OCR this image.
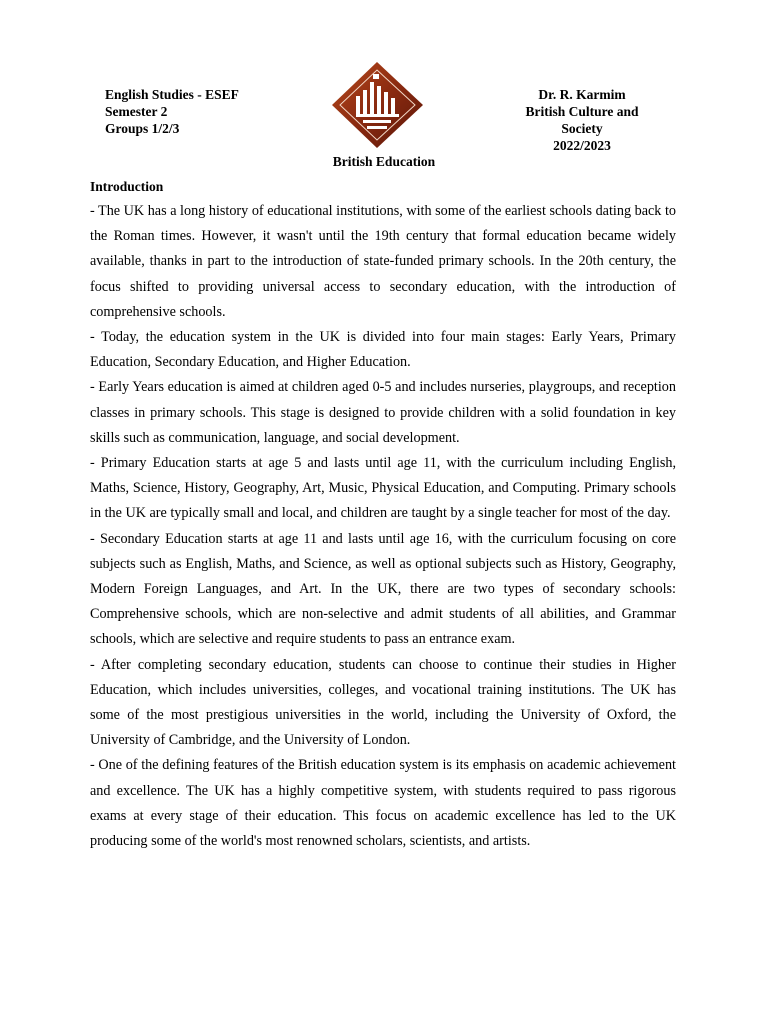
English Studies - ESEF
Semester 2
Groups 1/2/3
Dr. R. Karmim
British Culture and
Society
2022/2023
British Education
Introduction

- The UK has a long history of educational institutions, with some of the earliest schools dating back to the Roman times. However, it wasn't until the 19th century that formal education became widely available, thanks in part to the introduction of state-funded primary schools. In the 20th century, the focus shifted to providing universal access to secondary education, with the introduction of comprehensive schools.

- Today, the education system in the UK is divided into four main stages: Early Years, Primary Education, Secondary Education, and Higher Education.

- Early Years education is aimed at children aged 0-5 and includes nurseries, playgroups, and reception classes in primary schools. This stage is designed to provide children with a solid foundation in key skills such as communication, language, and social development.

- Primary Education starts at age 5 and lasts until age 11, with the curriculum including English, Maths, Science, History, Geography, Art, Music, Physical Education, and Computing. Primary schools in the UK are typically small and local, and children are taught by a single teacher for most of the day.

- Secondary Education starts at age 11 and lasts until age 16, with the curriculum focusing on core subjects such as English, Maths, and Science, as well as optional subjects such as History, Geography, Modern Foreign Languages, and Art. In the UK, there are two types of secondary schools: Comprehensive schools, which are non-selective and admit students of all abilities, and Grammar schools, which are selective and require students to pass an entrance exam.

- After completing secondary education, students can choose to continue their studies in Higher Education, which includes universities, colleges, and vocational training institutions. The UK has some of the most prestigious universities in the world, including the University of Oxford, the University of Cambridge, and the University of London.

- One of the defining features of the British education system is its emphasis on academic achievement and excellence. The UK has a highly competitive system, with students required to pass rigorous exams at every stage of their education. This focus on academic excellence has led to the UK producing some of the world's most renowned scholars, scientists, and artists.
